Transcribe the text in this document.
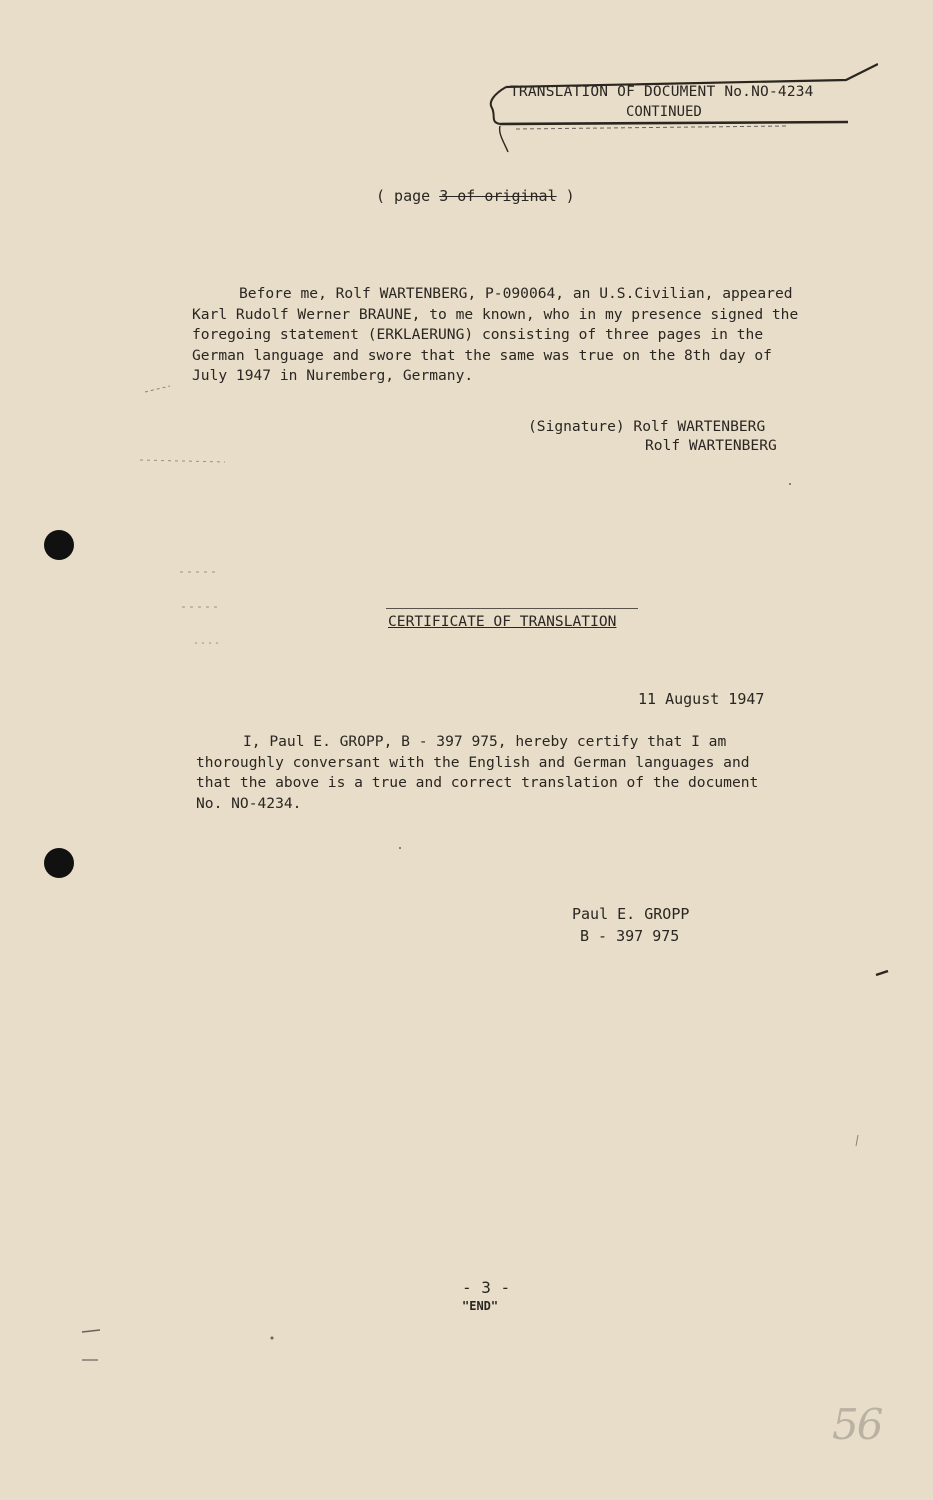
TRANSLATION OF DOCUMENT No.NO-4234
CONTINUED
( page 3 of original )
Before me, Rolf WARTENBERG, P-090064, an U.S.Civilian, appeared
Karl Rudolf Werner BRAUNE, to me known, who in my presence signed the
foregoing statement (ERKLAERUNG) consisting of three pages in the
German language and swore that the same was true on the 8th day of
July 1947 in Nuremberg, Germany.
(Signature) Rolf WARTENBERG
Rolf WARTENBERG
CERTIFICATE OF TRANSLATION
11 August 1947
I, Paul E. GROPP, B - 397 975, hereby certify that I am
thoroughly conversant with the English and German languages and
that the above is a true and correct translation of the document
No. NO-4234.
Paul E. GROPP
B - 397 975
- 3 -
"END"
56
